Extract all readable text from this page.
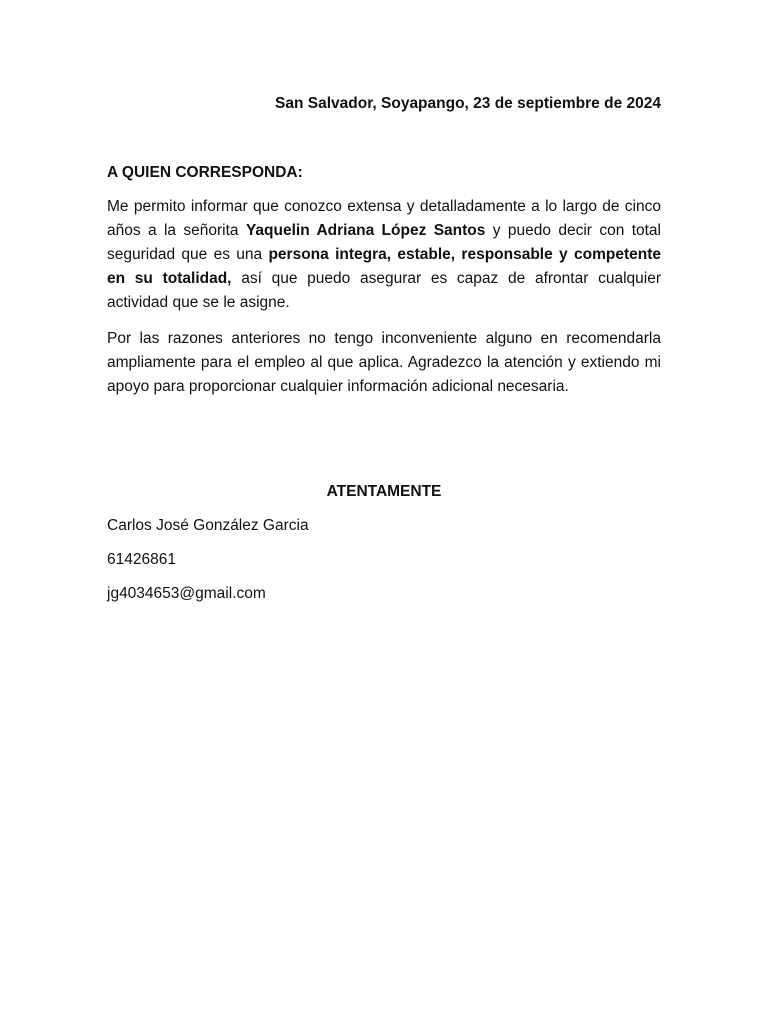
San Salvador, Soyapango, 23 de septiembre de 2024

A QUIEN CORRESPONDA:

Me permito informar que conozco extensa y detalladamente a lo largo de cinco años a la señorita Yaquelin Adriana López Santos y puedo decir con total seguridad que es una persona integra, estable, responsable y competente en su totalidad, así que puedo asegurar es capaz de afrontar cualquier actividad que se le asigne.

Por las razones anteriores no tengo inconveniente alguno en recomendarla ampliamente para el empleo al que aplica. Agradezco la atención y extiendo mi apoyo para proporcionar cualquier información adicional necesaria.

ATENTAMENTE

Carlos José González Garcia

61426861

jg4034653@gmail.com
